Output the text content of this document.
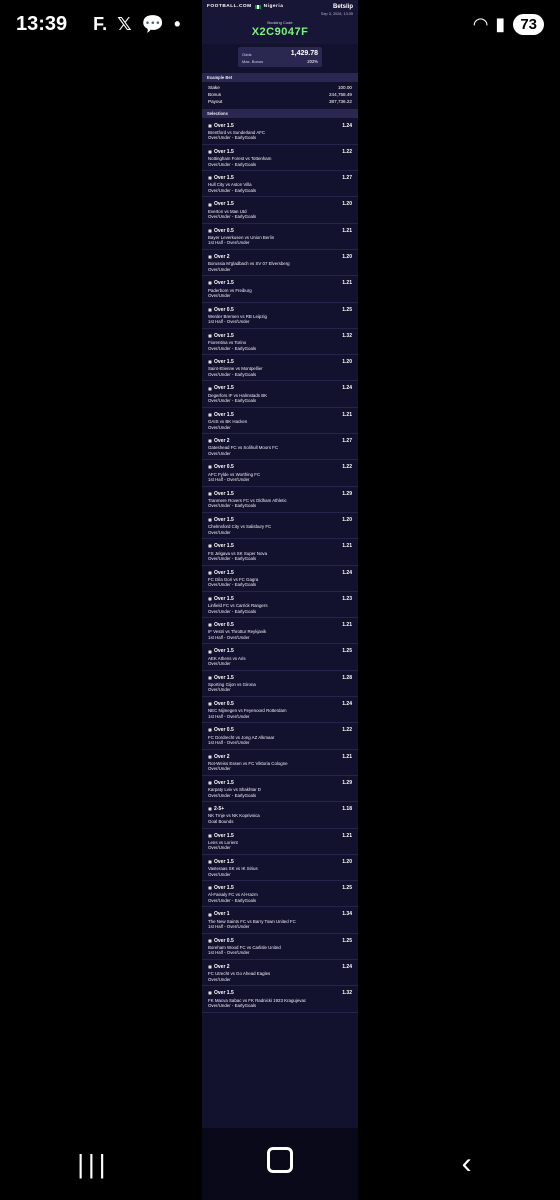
13:39 F. 𝕏 💬 •	◠ ▮	73
FOOTBALL.COM	Nigeria	Betslip
Sep 3, 2026, 13:39
Booking Code
X2C9047F
Odds	1,429.78
Max. Bonus	202%
Example Bet
Stake	100.00
Bonus	244,758.49
Payout	387,736.22
Selections
Over 1.5	1.24
Brentford vs Sunderland AFC
Over/Under - EarlyGoals
Over 1.5	1.22
Nottingham Forest vs Tottenham
Over/Under - EarlyGoals
Over 1.5	1.27
Hull City vs Aston Villa
Over/Under - EarlyGoals
Over 1.5	1.20
Everton vs Man Utd
Over/Under - EarlyGoals
Over 0.5	1.21
Bayer Leverkusen vs Union Berlin
1st Half - Over/Under
Over 2	1.20
Borussia M'gladbach vs SV 07 Elversberg
Over/Under
Over 1.5	1.21
Paderborn vs Freiburg
Over/Under
Over 0.5	1.25
Werder Bremen vs RB Leipzig
1st Half - Over/Under
Over 1.5	1.32
Fiorentina vs Torino
Over/Under - EarlyGoals
Over 1.5	1.20
Saint-Etienne vs Montpellier
Over/Under - EarlyGoals
Over 1.5	1.24
Degerfors IF vs Halmstads BK
Over/Under - EarlyGoals
Over 1.5	1.21
GAIS vs BK Hacken
Over/Under
Over 2	1.27
Gateshead FC vs Solihull Moors FC
Over/Under
Over 0.5	1.22
AFC Fylde vs Worthing FC
1st Half - Over/Under
Over 1.5	1.29
Tranmere Rovers FC vs Oldham Athletic
Over/Under - EarlyGoals
Over 1.5	1.20
Chelmsford City vs Salisbury FC
Over/Under
Over 1.5	1.21
FS Jelgava vs SK Super Nova
Over/Under - EarlyGoals
Over 1.5	1.24
FC Dila Gori vs FC Gagra
Over/Under - EarlyGoals
Over 1.5	1.23
Linfield FC vs Carrick Rangers
Over/Under - EarlyGoals
Over 0.5	1.21
IF Vestri vs Throttur Reykjavik
1st Half - Over/Under
Over 1.5	1.25
AEK Athens vs Aris
Over/Under
Over 1.5	1.28
Sporting Gijon vs Girona
Over/Under
Over 0.5	1.24
NEC Nijmegen vs Feyenoord Rotterdam
1st Half - Over/Under
Over 0.5	1.22
FC Dordrecht vs Jong AZ Alkmaar
1st Half - Over/Under
Over 2	1.21
Rot-Weiss Essen vs FC Viktoria Cologne
Over/Under
Over 1.5	1.29
Karpaty Lviv vs Shakhtar D
Over/Under - EarlyGoals
2-5+	1.18
NK Trnje vs NK Koprivnica
Goal Bounds
Over 1.5	1.21
Lens vs Lorient
Over/Under
Over 1.5	1.20
Vasteraas SK vs IK Sirius
Over/Under
Over 1.5	1.25
Al-Faisaly FC vs Al-Hazm
Over/Under - EarlyGoals
Over 1	1.34
The New Saints FC vs Barry Town United FC
1st Half - Over/Under
Over 0.5	1.25
Boreham Wood FC vs Carlisle United
1st Half - Over/Under
Over 2	1.24
FC Utrecht vs Go Ahead Eagles
Over/Under
Over 1.5	1.32
FK Macva Sabac vs FK Radnicki 1923 Kragujevac
Over/Under - EarlyGoals
|||	‹
